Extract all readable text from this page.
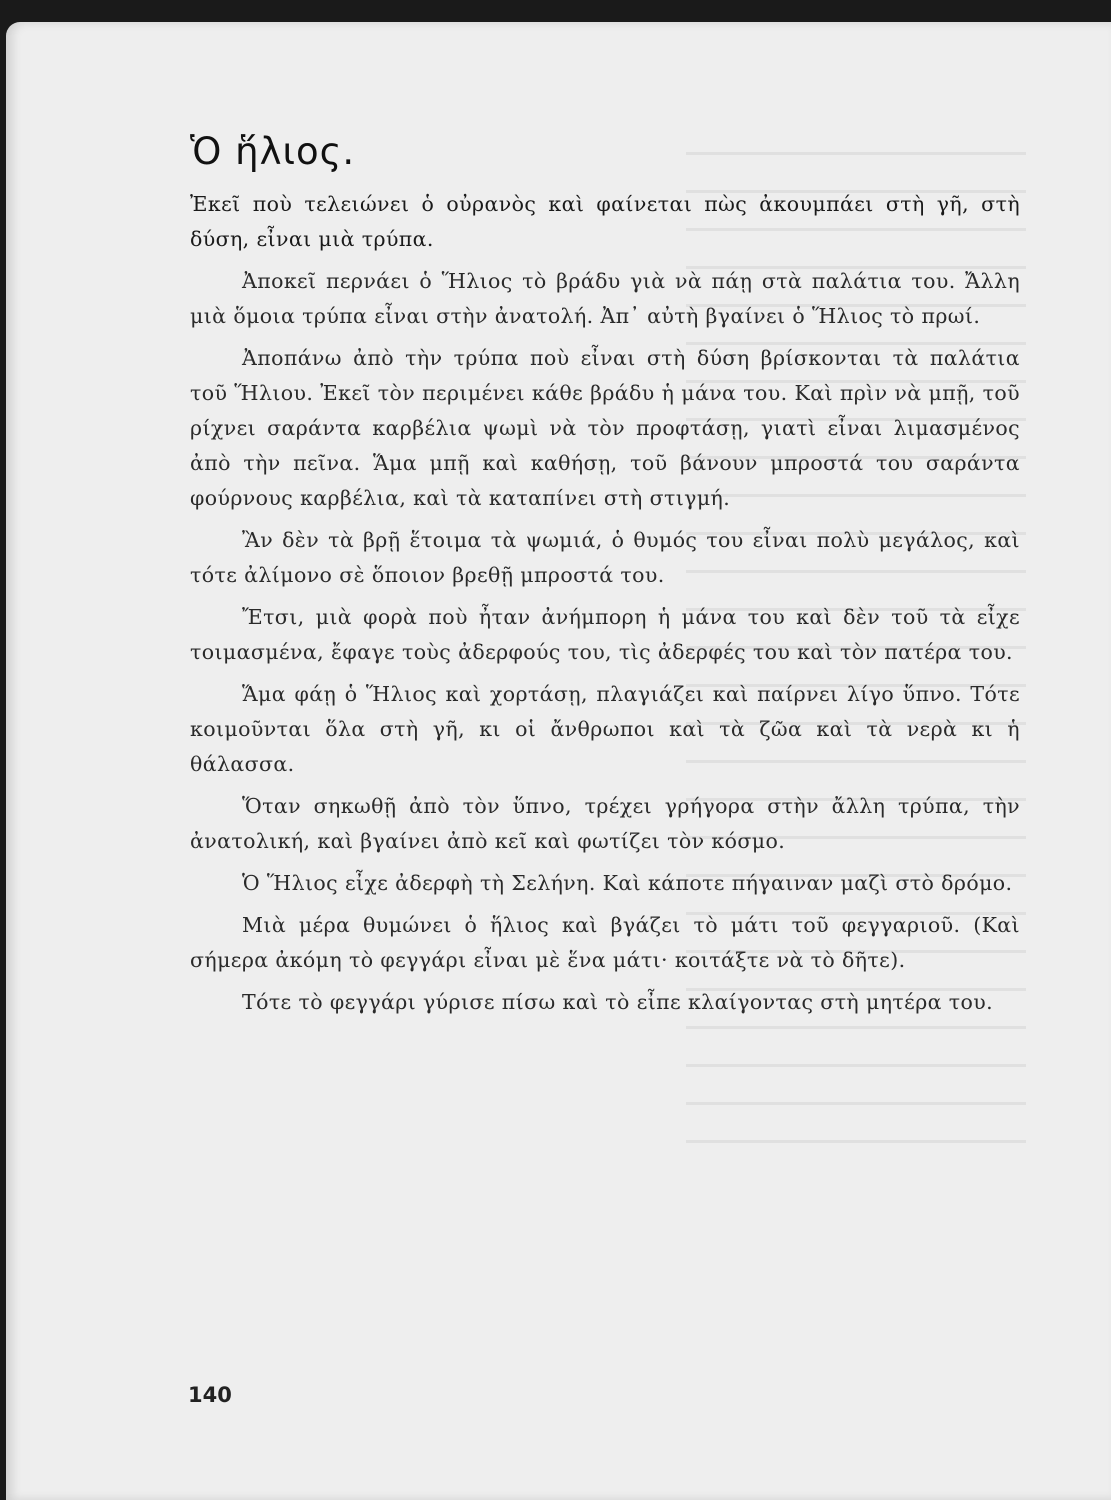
Ὁ ἥλιος.

Ἐκεῖ ποὺ τελειώνει ὁ οὐρανὸς καὶ φαίνεται πὼς ἀκουμπάει στὴ γῆ, στὴ δύση, εἶναι μιὰ τρύπα.

Ἀποκεῖ περνάει ὁ Ἥλιος τὸ βράδυ γιὰ νὰ πάῃ στὰ παλάτια του. Ἄλλη μιὰ ὅμοια τρύπα εἶναι στὴν ἀνατολή. Ἀπ᾿ αὐτὴ βγαίνει ὁ Ἥλιος τὸ πρωί.

Ἀποπάνω ἀπὸ τὴν τρύπα ποὺ εἶναι στὴ δύση βρίσκονται τὰ παλάτια τοῦ Ἥλιου. Ἐκεῖ τὸν περιμένει κάθε βράδυ ἡ μάνα του. Καὶ πρὶν νὰ μπῇ, τοῦ ρίχνει σαράντα καρβέλια ψωμὶ νὰ τὸν προφτάσῃ, γιατὶ εἶναι λιμασμένος ἀπὸ τὴν πεῖνα. Ἅμα μπῇ καὶ καθήσῃ, τοῦ βάνουν μπροστά του σαράντα φούρνους καρβέλια, καὶ τὰ καταπίνει στὴ στιγμή.

Ἂν δὲν τὰ βρῇ ἕτοιμα τὰ ψωμιά, ὁ θυμός του εἶναι πολὺ μεγάλος, καὶ τότε ἀλίμονο σὲ ὅποιον βρεθῇ μπροστά του.

Ἔτσι, μιὰ φορὰ ποὺ ἦταν ἀνήμπορη ἡ μάνα του καὶ δὲν τοῦ τὰ εἶχε τοιμασμένα, ἔφαγε τοὺς ἀδερφούς του, τὶς ἀδερφές του καὶ τὸν πατέρα του.

Ἅμα φάῃ ὁ Ἥλιος καὶ χορτάσῃ, πλαγιάζει καὶ παίρνει λίγο ὕπνο. Τότε κοιμοῦνται ὅλα στὴ γῆ, κι οἱ ἄνθρωποι καὶ τὰ ζῶα καὶ τὰ νερὰ κι ἡ θάλασσα.

Ὅταν σηκωθῇ ἀπὸ τὸν ὕπνο, τρέχει γρήγορα στὴν ἄλλη τρύπα, τὴν ἀνατολική, καὶ βγαίνει ἀπὸ κεῖ καὶ φωτίζει τὸν κόσμο.

Ὁ Ἥλιος εἶχε ἀδερφὴ τὴ Σελήνη. Καὶ κάποτε πήγαιναν μαζὶ στὸ δρόμο.

Μιὰ μέρα θυμώνει ὁ ἥλιος καὶ βγάζει τὸ μάτι τοῦ φεγγαριοῦ. (Καὶ σήμερα ἀκόμη τὸ φεγγάρι εἶναι μὲ ἕνα μάτι· κοιτάξτε νὰ τὸ δῆτε).

Τότε τὸ φεγγάρι γύρισε πίσω καὶ τὸ εἶπε κλαίγοντας στὴ μητέρα του.

140
